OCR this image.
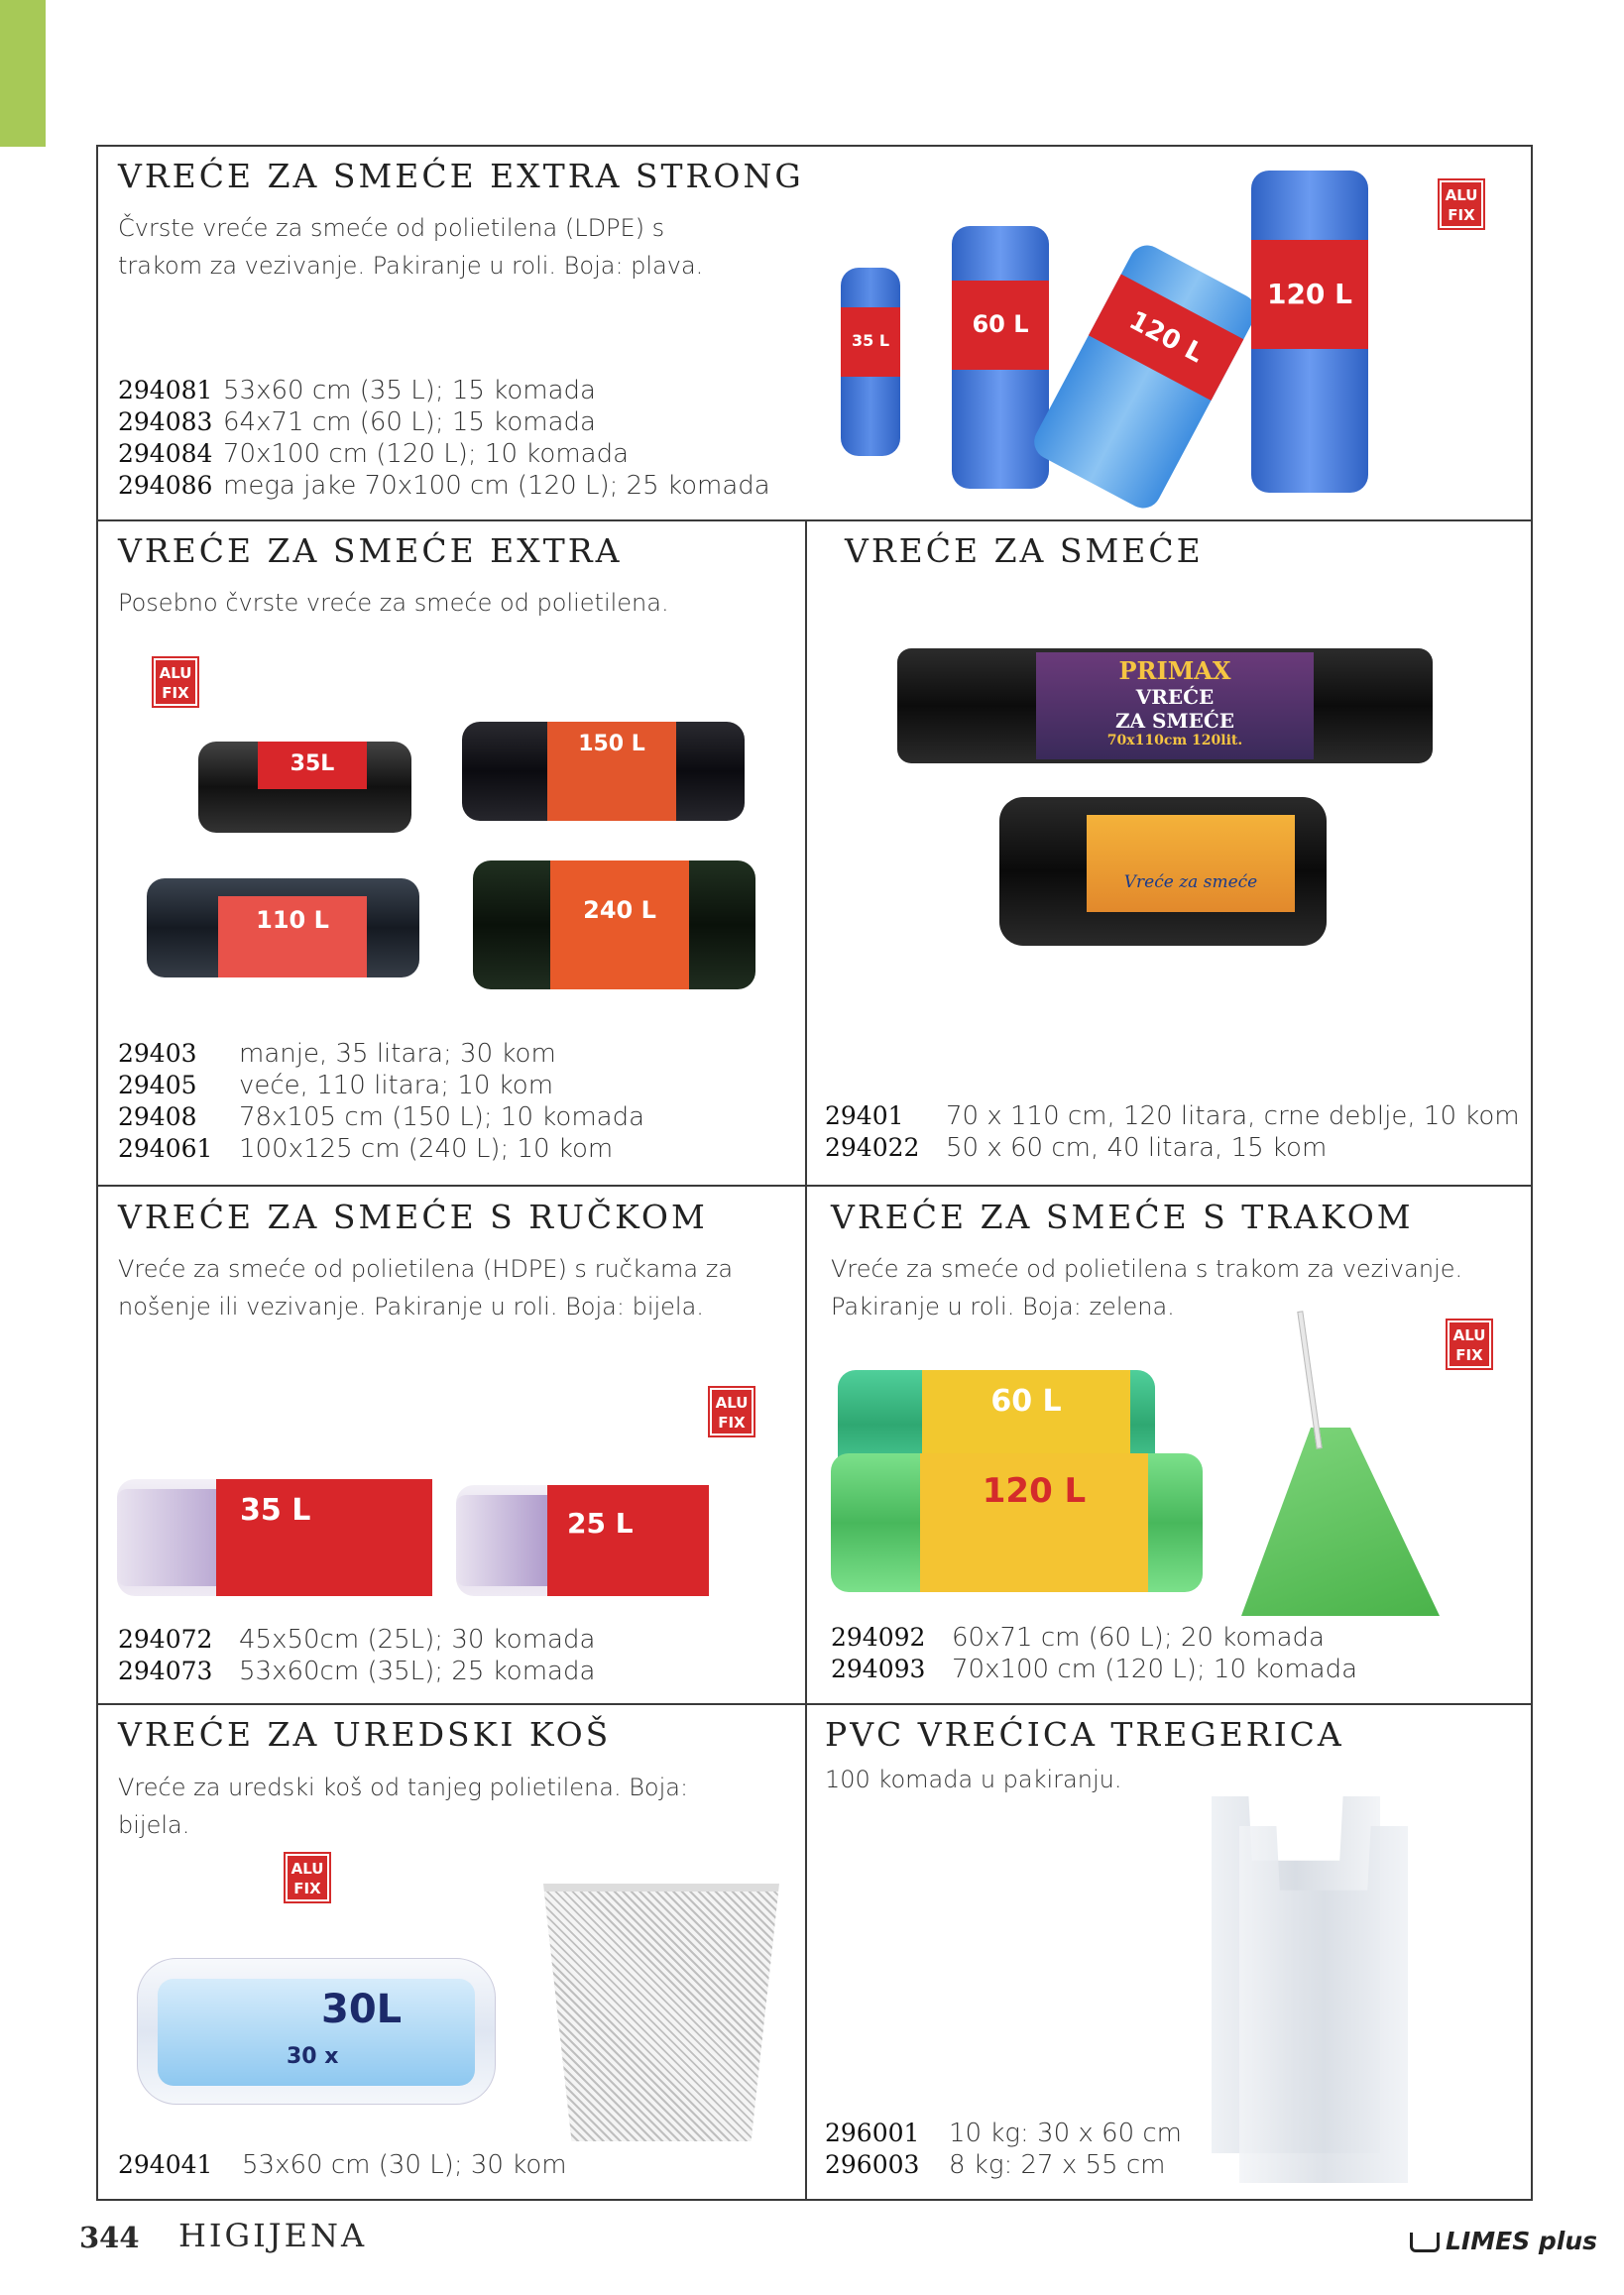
VREĆE ZA SMEĆE EXTRA STRONG
Čvrste vreće za smeće od polietilena (LDPE) s
trakom za vezivanje. Pakiranje u roli. Boja: plava.
294081 53x60 cm (35 L); 15 komada
294083 64x71 cm (60 L); 15 komada
294084 70x100 cm (120 L); 10 komada
294086 mega jake 70x100 cm (120 L); 25 komada
ALU
FIX
35 L
60 L	120 L
120 L
VREĆE ZA SMEĆE EXTRA
Posebno čvrste vreće za smeće od polietilena.
ALU
FIX
35L
150 L
110 L	240 L
29403	manje, 35 litara; 30 kom
29405	veće, 110 litara; 10 kom
29408	78x105 cm (150 L); 10 komada
294061	100x125 cm (240 L); 10 kom
VREĆE ZA SMEĆE
PRIMAX
VREĆE
ZA SMEĆE
70x110cm 120lit.
Vreće za smeće
29401	70 x 110 cm, 120 litara, crne deblje, 10 kom
294022	50 x 60 cm, 40 litara, 15 kom
VREĆE ZA SMEĆE S RUČKOM
Vreće za smeće od polietilena (HDPE) s ručkama za
nošenje ili vezivanje. Pakiranje u roli. Boja: bijela.
ALU
FIX
35 L	25 L
294072	45x50cm (25L); 30 komada
294073	53x60cm (35L); 25 komada
VREĆE ZA SMEĆE S TRAKOM
Vreće za smeće od polietilena s trakom za vezivanje.
Pakiranje u roli. Boja: zelena.
ALU
FIX
60 L
120 L
294092	60x71 cm (60 L); 20 komada
294093	70x100 cm (120 L); 10 komada
VREĆE ZA UREDSKI KOŠ
Vreće za uredski koš od tanjeg polietilena. Boja:
bijela.
ALU
FIX
30L
30 x
294041	53x60 cm (30 L); 30 kom
PVC VREĆICA TREGERICA
100 komada u pakiranju.
296001	10 kg: 30 x 60 cm
296003	8 kg: 27 x 55 cm
344 HIGIJENA	LIMES plus
